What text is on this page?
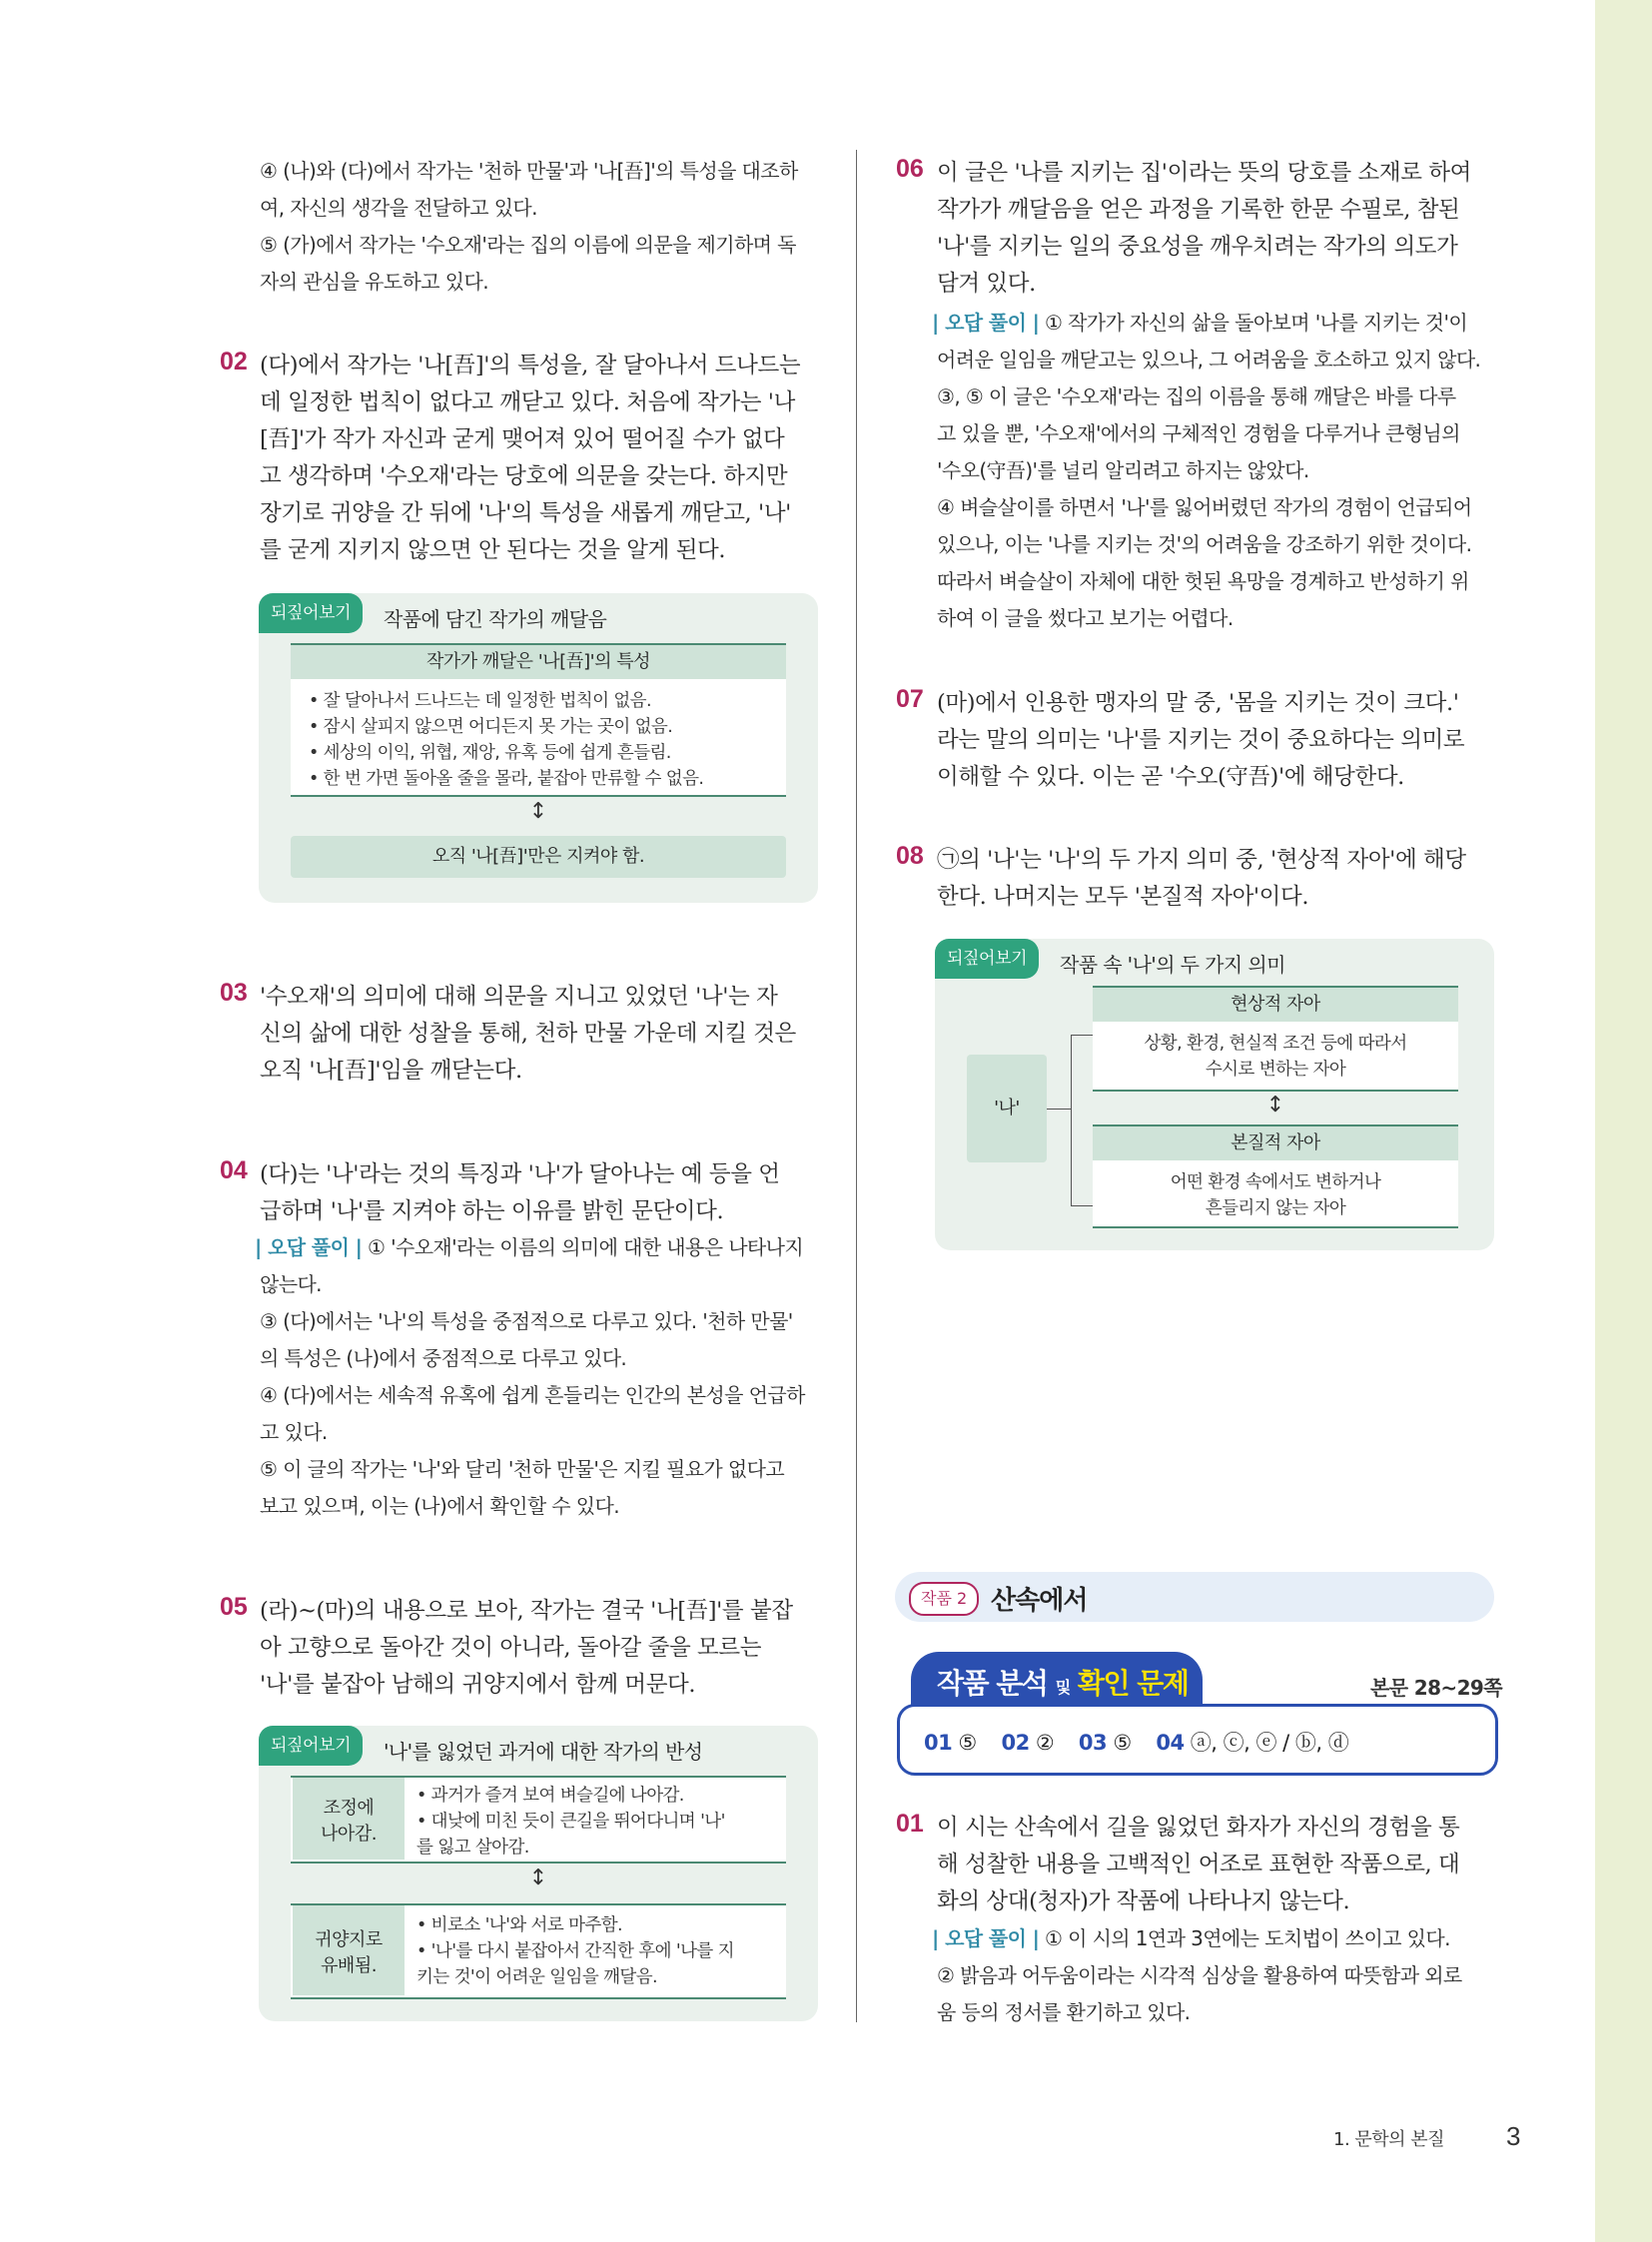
④ (나)와 (다)에서 작가는 '천하 만물'과 '나[吾]'의 특성을 대조하
여, 자신의 생각을 전달하고 있다.
⑤ (가)에서 작가는 '수오재'라는 집의 이름에 의문을 제기하며 독
자의 관심을 유도하고 있다.
02 (다)에서 작가는 '나[吾]'의 특성을, 잘 달아나서 드나드는
데 일정한 법칙이 없다고 깨닫고 있다. 처음에 작가는 '나
[吾]'가 작가 자신과 굳게 맺어져 있어 떨어질 수가 없다
고 생각하며 '수오재'라는 당호에 의문을 갖는다. 하지만
장기로 귀양을 간 뒤에 '나'의 특성을 새롭게 깨닫고, '나'
를 굳게 지키지 않으면 안 된다는 것을 알게 된다.
되짚어보기	작품에 담긴 작가의 깨달음
작가가 깨달은 '나[吾]'의 특성
• 잘 달아나서 드나드는 데 일정한 법칙이 없음.
• 잠시 살피지 않으면 어디든지 못 가는 곳이 없음.
• 세상의 이익, 위협, 재앙, 유혹 등에 쉽게 흔들림.
• 한 번 가면 돌아올 줄을 몰라, 붙잡아 만류할 수 없음.
↕
오직 '나[吾]'만은 지켜야 함.
03 '수오재'의 의미에 대해 의문을 지니고 있었던 '나'는 자
신의 삶에 대한 성찰을 통해, 천하 만물 가운데 지킬 것은
오직 '나[吾]'임을 깨닫는다.
04 (다)는 '나'라는 것의 특징과 '나'가 달아나는 예 등을 언
급하며 '나'를 지켜야 하는 이유를 밝힌 문단이다.
| 오답 풀이 | ① '수오재'라는 이름의 의미에 대한 내용은 나타나지
않는다.
③ (다)에서는 '나'의 특성을 중점적으로 다루고 있다. '천하 만물'
의 특성은 (나)에서 중점적으로 다루고 있다.
④ (다)에서는 세속적 유혹에 쉽게 흔들리는 인간의 본성을 언급하
고 있다.
⑤ 이 글의 작가는 '나'와 달리 '천하 만물'은 지킬 필요가 없다고
보고 있으며, 이는 (나)에서 확인할 수 있다.
05 (라)~(마)의 내용으로 보아, 작가는 결국 '나[吾]'를 붙잡
아 고향으로 돌아간 것이 아니라, 돌아갈 줄을 모르는
'나'를 붙잡아 남해의 귀양지에서 함께 머문다.
되짚어보기	'나'를 잃었던 과거에 대한 작가의 반성
조정에
나아감.
• 과거가 즐겨 보여 벼슬길에 나아감.
• 대낮에 미친 듯이 큰길을 뛰어다니며 '나'
를 잃고 살아감.
↕
귀양지로
유배됨.
• 비로소 '나'와 서로 마주함.
• '나'를 다시 붙잡아서 간직한 후에 '나를 지
키는 것'이 어려운 일임을 깨달음.
06 이 글은 '나를 지키는 집'이라는 뜻의 당호를 소재로 하여
작가가 깨달음을 얻은 과정을 기록한 한문 수필로, 참된
'나'를 지키는 일의 중요성을 깨우치려는 작가의 의도가
담겨 있다.
| 오답 풀이 | ① 작가가 자신의 삶을 돌아보며 '나를 지키는 것'이
어려운 일임을 깨닫고는 있으나, 그 어려움을 호소하고 있지 않다.
③, ⑤ 이 글은 '수오재'라는 집의 이름을 통해 깨달은 바를 다루
고 있을 뿐, '수오재'에서의 구체적인 경험을 다루거나 큰형님의
'수오(守吾)'를 널리 알리려고 하지는 않았다.
④ 벼슬살이를 하면서 '나'를 잃어버렸던 작가의 경험이 언급되어
있으나, 이는 '나를 지키는 것'의 어려움을 강조하기 위한 것이다.
따라서 벼슬살이 자체에 대한 헛된 욕망을 경계하고 반성하기 위
하여 이 글을 썼다고 보기는 어렵다.
07 (마)에서 인용한 맹자의 말 중, '몸을 지키는 것이 크다.'
라는 말의 의미는 '나'를 지키는 것이 중요하다는 의미로
이해할 수 있다. 이는 곧 '수오(守吾)'에 해당한다.
08 ㉠의 '나'는 '나'의 두 가지 의미 중, '현상적 자아'에 해당
한다. 나머지는 모두 '본질적 자아'이다.
되짚어보기	작품 속 '나'의 두 가지 의미
'나'
현상적 자아
상황, 환경, 현실적 조건 등에 따라서
수시로 변하는 자아
↕
본질적 자아
어떤 환경 속에서도 변하거나
흔들리지 않는 자아
작품 2 산속에서
작품 분석 및 확인 문제	본문 28~29쪽
01 ⑤ 02 ② 03 ⑤ 04 ⓐ, ⓒ, ⓔ / ⓑ, ⓓ
01 이 시는 산속에서 길을 잃었던 화자가 자신의 경험을 통
해 성찰한 내용을 고백적인 어조로 표현한 작품으로, 대
화의 상대(청자)가 작품에 나타나지 않는다.
| 오답 풀이 | ① 이 시의 1연과 3연에는 도치법이 쓰이고 있다.
② 밝음과 어두움이라는 시각적 심상을 활용하여 따뜻함과 외로
움 등의 정서를 환기하고 있다.
1. 문학의 본질 3
